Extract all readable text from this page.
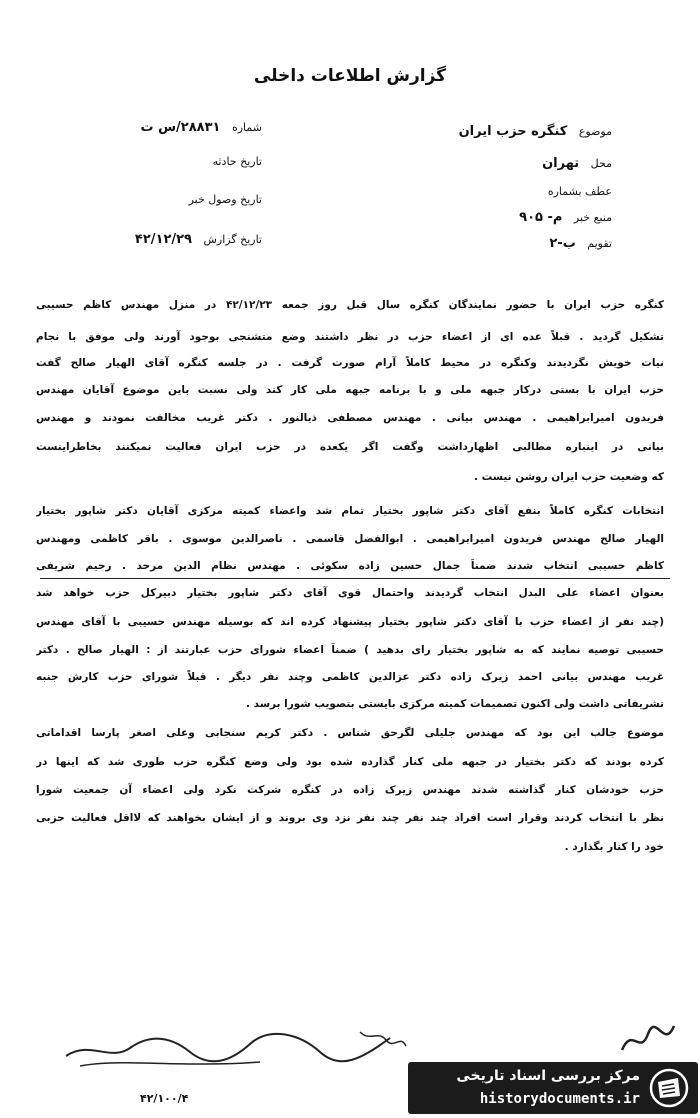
گزارش اطلاعات داخلی
موضوع کنگره حزب ایران
محل تهران
عطف بشماره
منبع خبر م- ۹۰۵
تقویم ب-۲
شماره ۲۸۸۳۱/س ت
تاریخ حادثه
تاریخ وصول خبر
تاریخ گزارش ۴۲/۱۲/۲۹
کنگره حزب ایران با حضور نمایندگان کنگره سال قبل روز جمعه ۴۲/۱۲/۲۳ در منزل مهندس کاظم حسیبی
تشکیل گردید . قبلاً عده ای از اعضاء حزب در نظر داشتند وضع متشنجی بوجود آورند ولی موفق با نجام
نیات خویش نگردیدند وکنگره در محیط کاملاً آرام صورت گرفت . در جلسه کنگره آقای الهیار صالح گفت
حزب ایران با بستی درکار جبهه ملی و با برنامه جبهه ملی کار کند ولی نسبت باین موضوع آقایان مهندس
فریدون امیرابراهیمی . مهندس بیانی . مهندس مصطفی ذیالنور . دکتر غریب مخالفت نمودند و مهندس
بیانی در اینباره مطالبی اظهارداشت وگفت اگر یکعده در حزب ایران فعالیت نمیکنند بخاطراینست
که وضعیت حزب ایران روشن نیست .
انتخابات کنگره کاملاً بنفع آقای دکتر شاپور بختیار تمام شد واعضاء کمیته مرکزی آقایان دکتر شاپور بختیار
الهیار صالح مهندس فریدون امیرابراهیمی . ابوالفضل قاسمی . ناصرالدین موسوی . باقر کاظمی ومهندس
کاظم حسیبی انتخاب شدند ضمناً جمال حسین زاده سکوئی . مهندس نظام الدین مرحد . رحیم شریفی
بعنوان اعضاء علی البدل انتخاب گردیدند واحتمال قوی آقای دکتر شاپور بختیار دبیرکل حزب خواهد شد
(چند نفر از اعضاء حزب با آقای دکتر شاپور بختیار پیشنهاد کرده اند که بوسیله مهندس حسیبی با آقای مهندس
حسیبی توصیه نمایند که به شاپور بختیار رای بدهید ) ضمناً اعضاء شورای حزب عبارتند از : الهیار صالح . دکتر
غریب مهندس بیانی احمد زیرک زاده دکتر عزالدین کاظمی وچند نفر دیگر . قبلاً شورای حزب کارش جنبه
تشریفاتی داشت ولی اکنون تصمیمات کمیته مرکزی بایستی بتصویب شورا برسد .
موضوع جالب این بود که مهندس جلیلی لگرحق شناس . دکتر کریم سنجابی وعلی اصغر پارسا اقداماتی
کرده بودند که دکتر بختیار در جبهه ملی کنار گذارده شده بود ولی وضع کنگره حزب طوری شد که اینها در
حزب خودشان کنار گذاشته شدند مهندس زیرک زاده در کنگره شرکت نکرد ولی اعضاء آن جمعیت شورا
نظر با انتخاب کردند وقرار است افراد چند نفر چند نفر نزد وی بروند و از ایشان بخواهند که لااقل فعالیت حزبی
خود را کنار بگذارد .
۴۲/۱۰۰/۴
مرکز بررسی اسناد تاریخی
historydocuments.ir
